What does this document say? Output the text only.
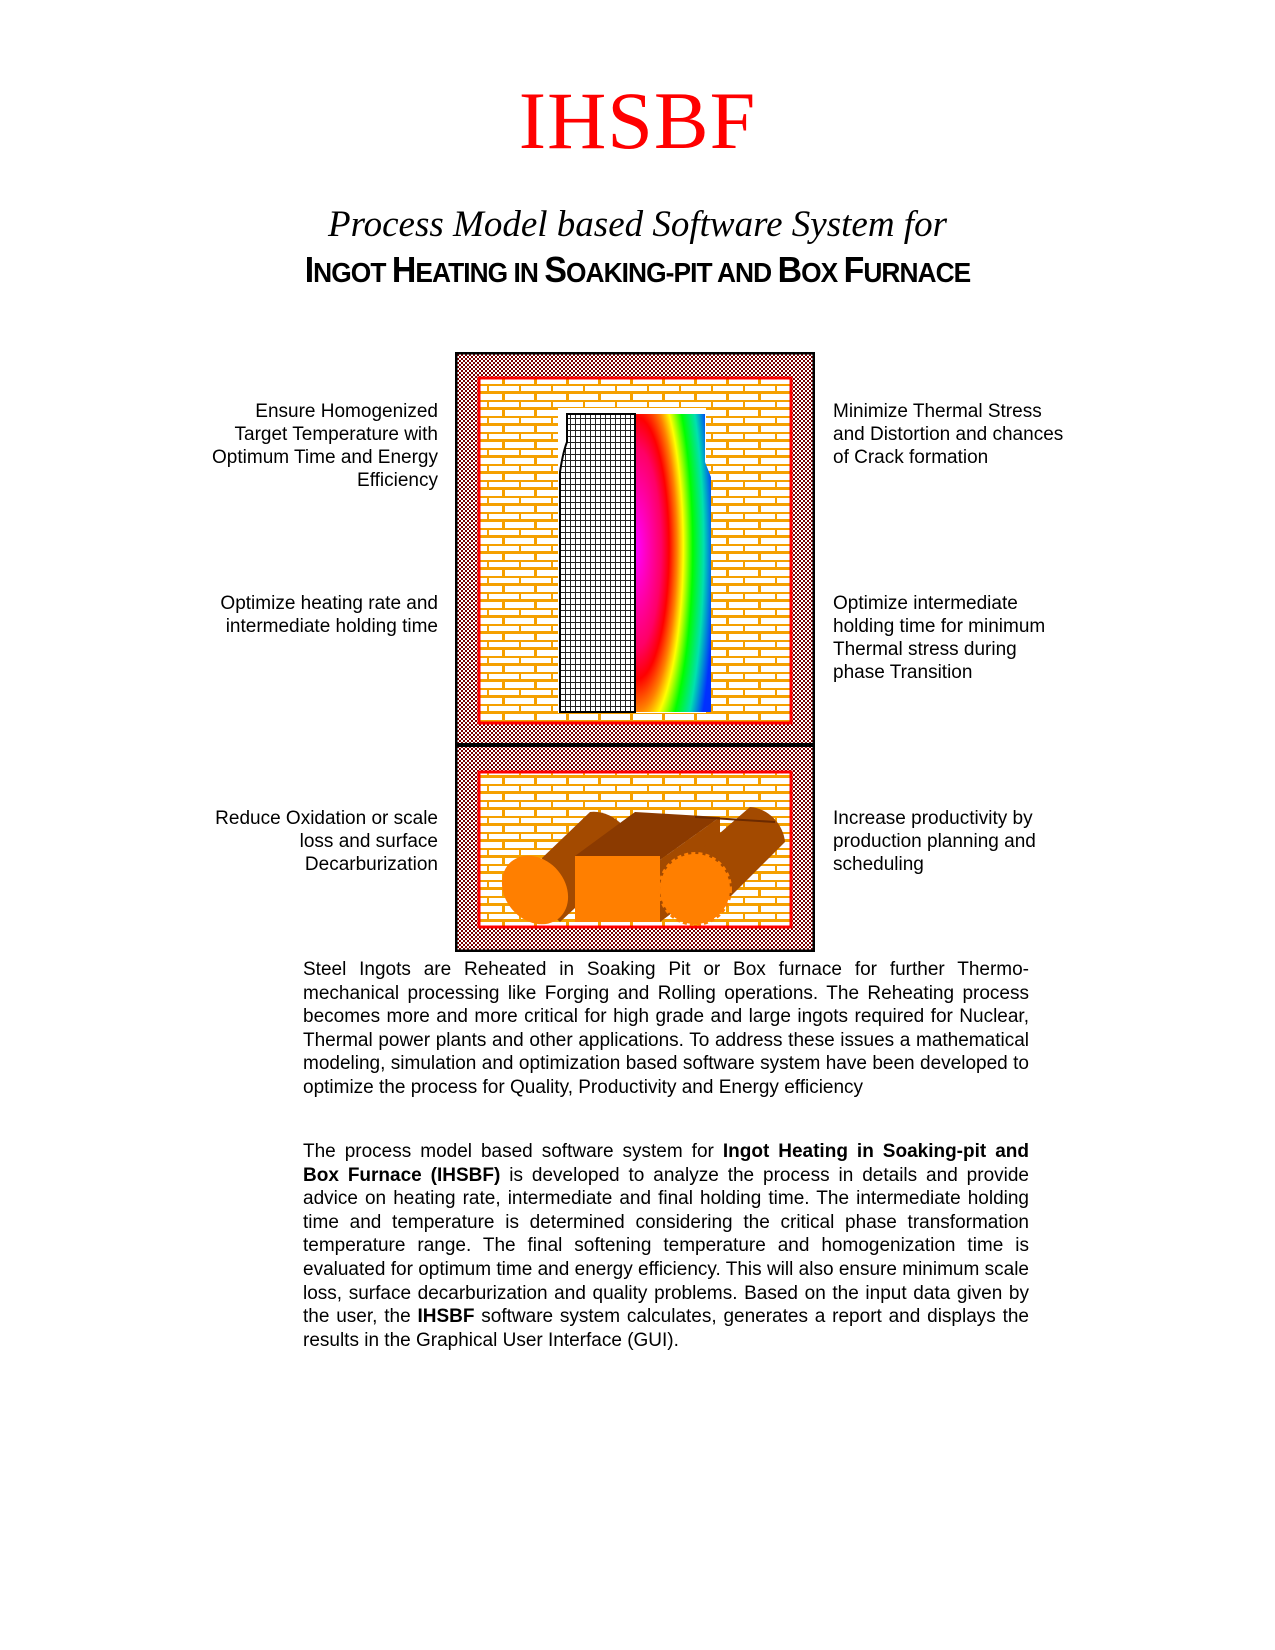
IHSBF
Process Model based Software System for
INGOT HEATING IN SOAKING-PIT AND BOX FURNACE
Ensure Homogenized Target Temperature with Optimum Time and Energy Efficiency
Optimize heating rate and intermediate holding time
Reduce Oxidation or scale loss and surface Decarburization
Minimize Thermal Stress and Distortion and chances of Crack formation
Optimize intermediate holding time for minimum Thermal stress during phase Transition
Increase productivity by production planning and scheduling
Steel Ingots are Reheated in Soaking Pit or Box furnace for further Thermo-mechanical processing like Forging and Rolling operations. The Reheating process becomes more and more critical for high grade and large ingots required for Nuclear, Thermal power plants and other applications. To address these issues a mathematical modeling, simulation and optimization based software system have been developed to optimize the process for Quality, Productivity and Energy efficiency
The process model based software system for Ingot Heating in Soaking-pit and Box Furnace (IHSBF) is developed to analyze the process in details and provide advice on heating rate, intermediate and final holding time. The intermediate holding time and temperature is determined considering the critical phase transformation temperature range. The final softening temperature and homogenization time is evaluated for optimum time and energy efficiency. This will also ensure minimum scale loss, surface decarburization and quality problems. Based on the input data given by the user, the IHSBF software system calculates, generates a report and displays the results in the Graphical User Interface (GUI).
